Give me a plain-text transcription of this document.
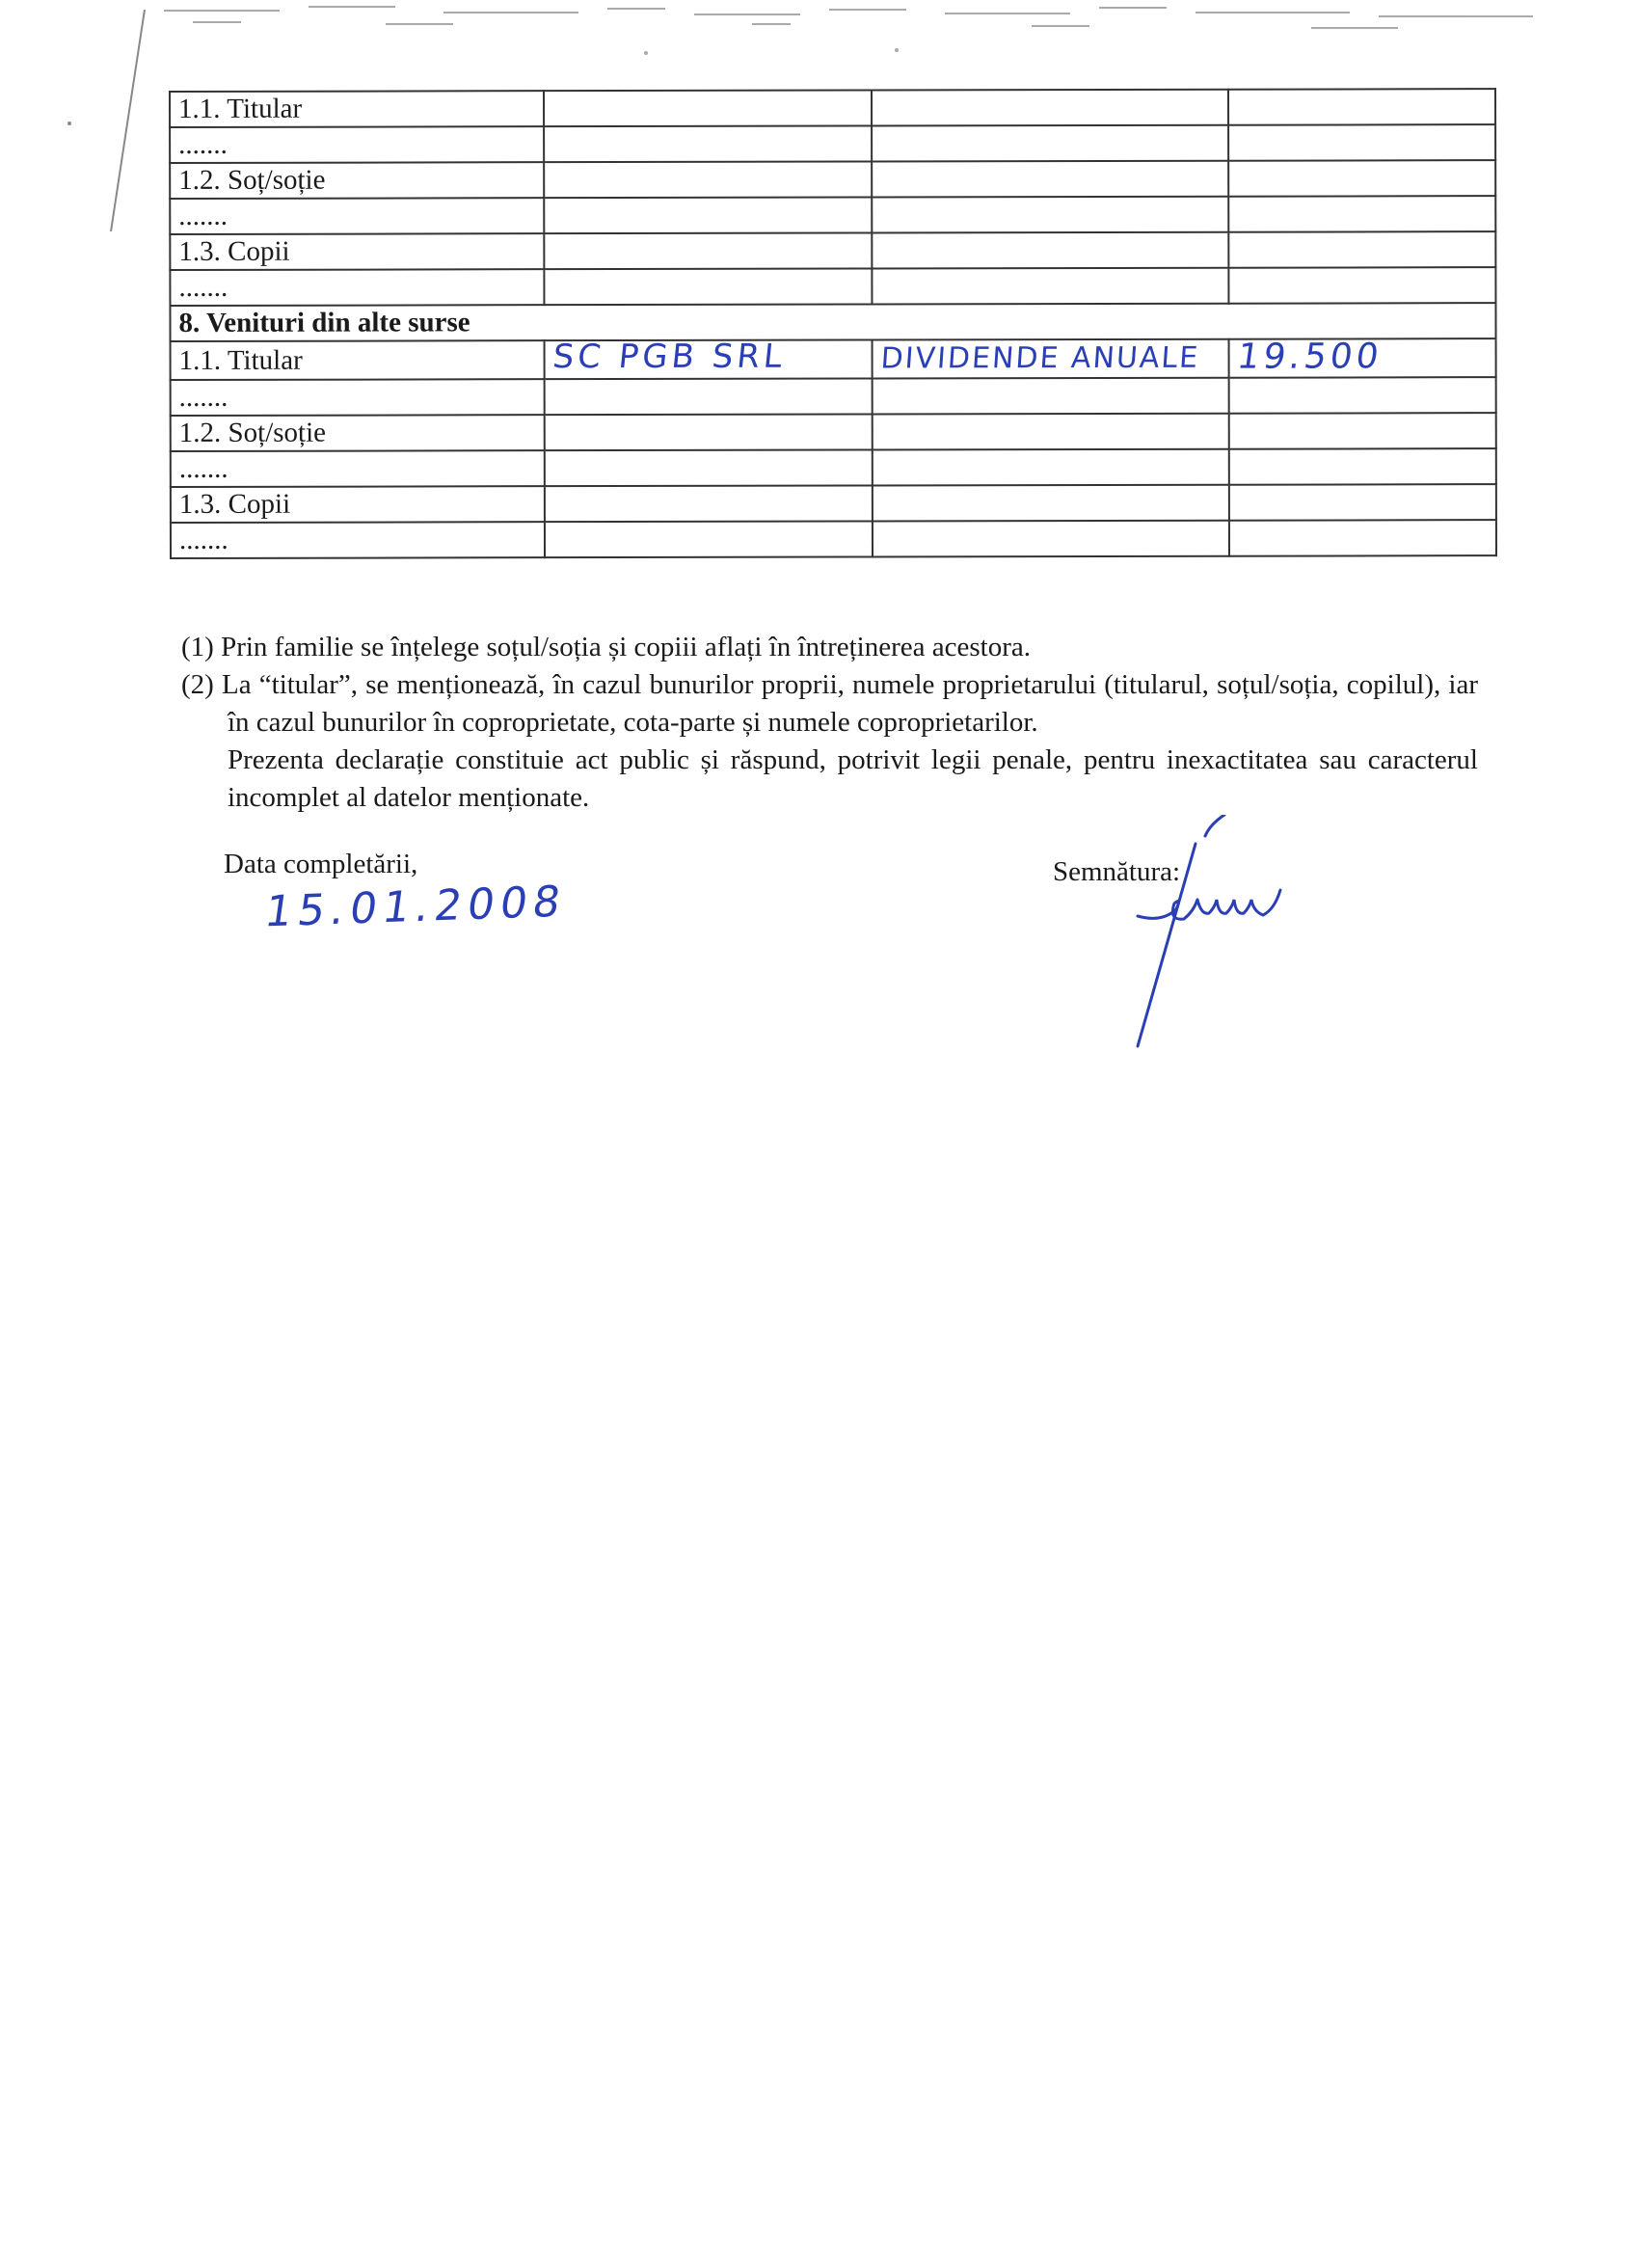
1.1. Titular			
.......			
1.2. Soț/soție			
.......			
1.3. Copii			
.......			
8. Venituri din alte surse			
1.1. Titular	SC PGB SRL	DIVIDENDE ANUALE	19.500
.......			
1.2. Soț/soție			
.......			
1.3. Copii			
.......			

(1) Prin familie se înțelege soțul/soția și copiii aflați în întreținerea acestora.

(2) La “titular”, se menționează, în cazul bunurilor proprii, numele proprietarului (titularul, soțul/soția, copilul), iar în cazul bunurilor în coproprietate, cota-parte și numele coproprietarilor.

Prezenta declarație constituie act public și răspund, potrivit legii penale, pentru inexactitatea sau caracterul incomplet al datelor menționate.

Data completării,
15.01.2008
Semnătura:
